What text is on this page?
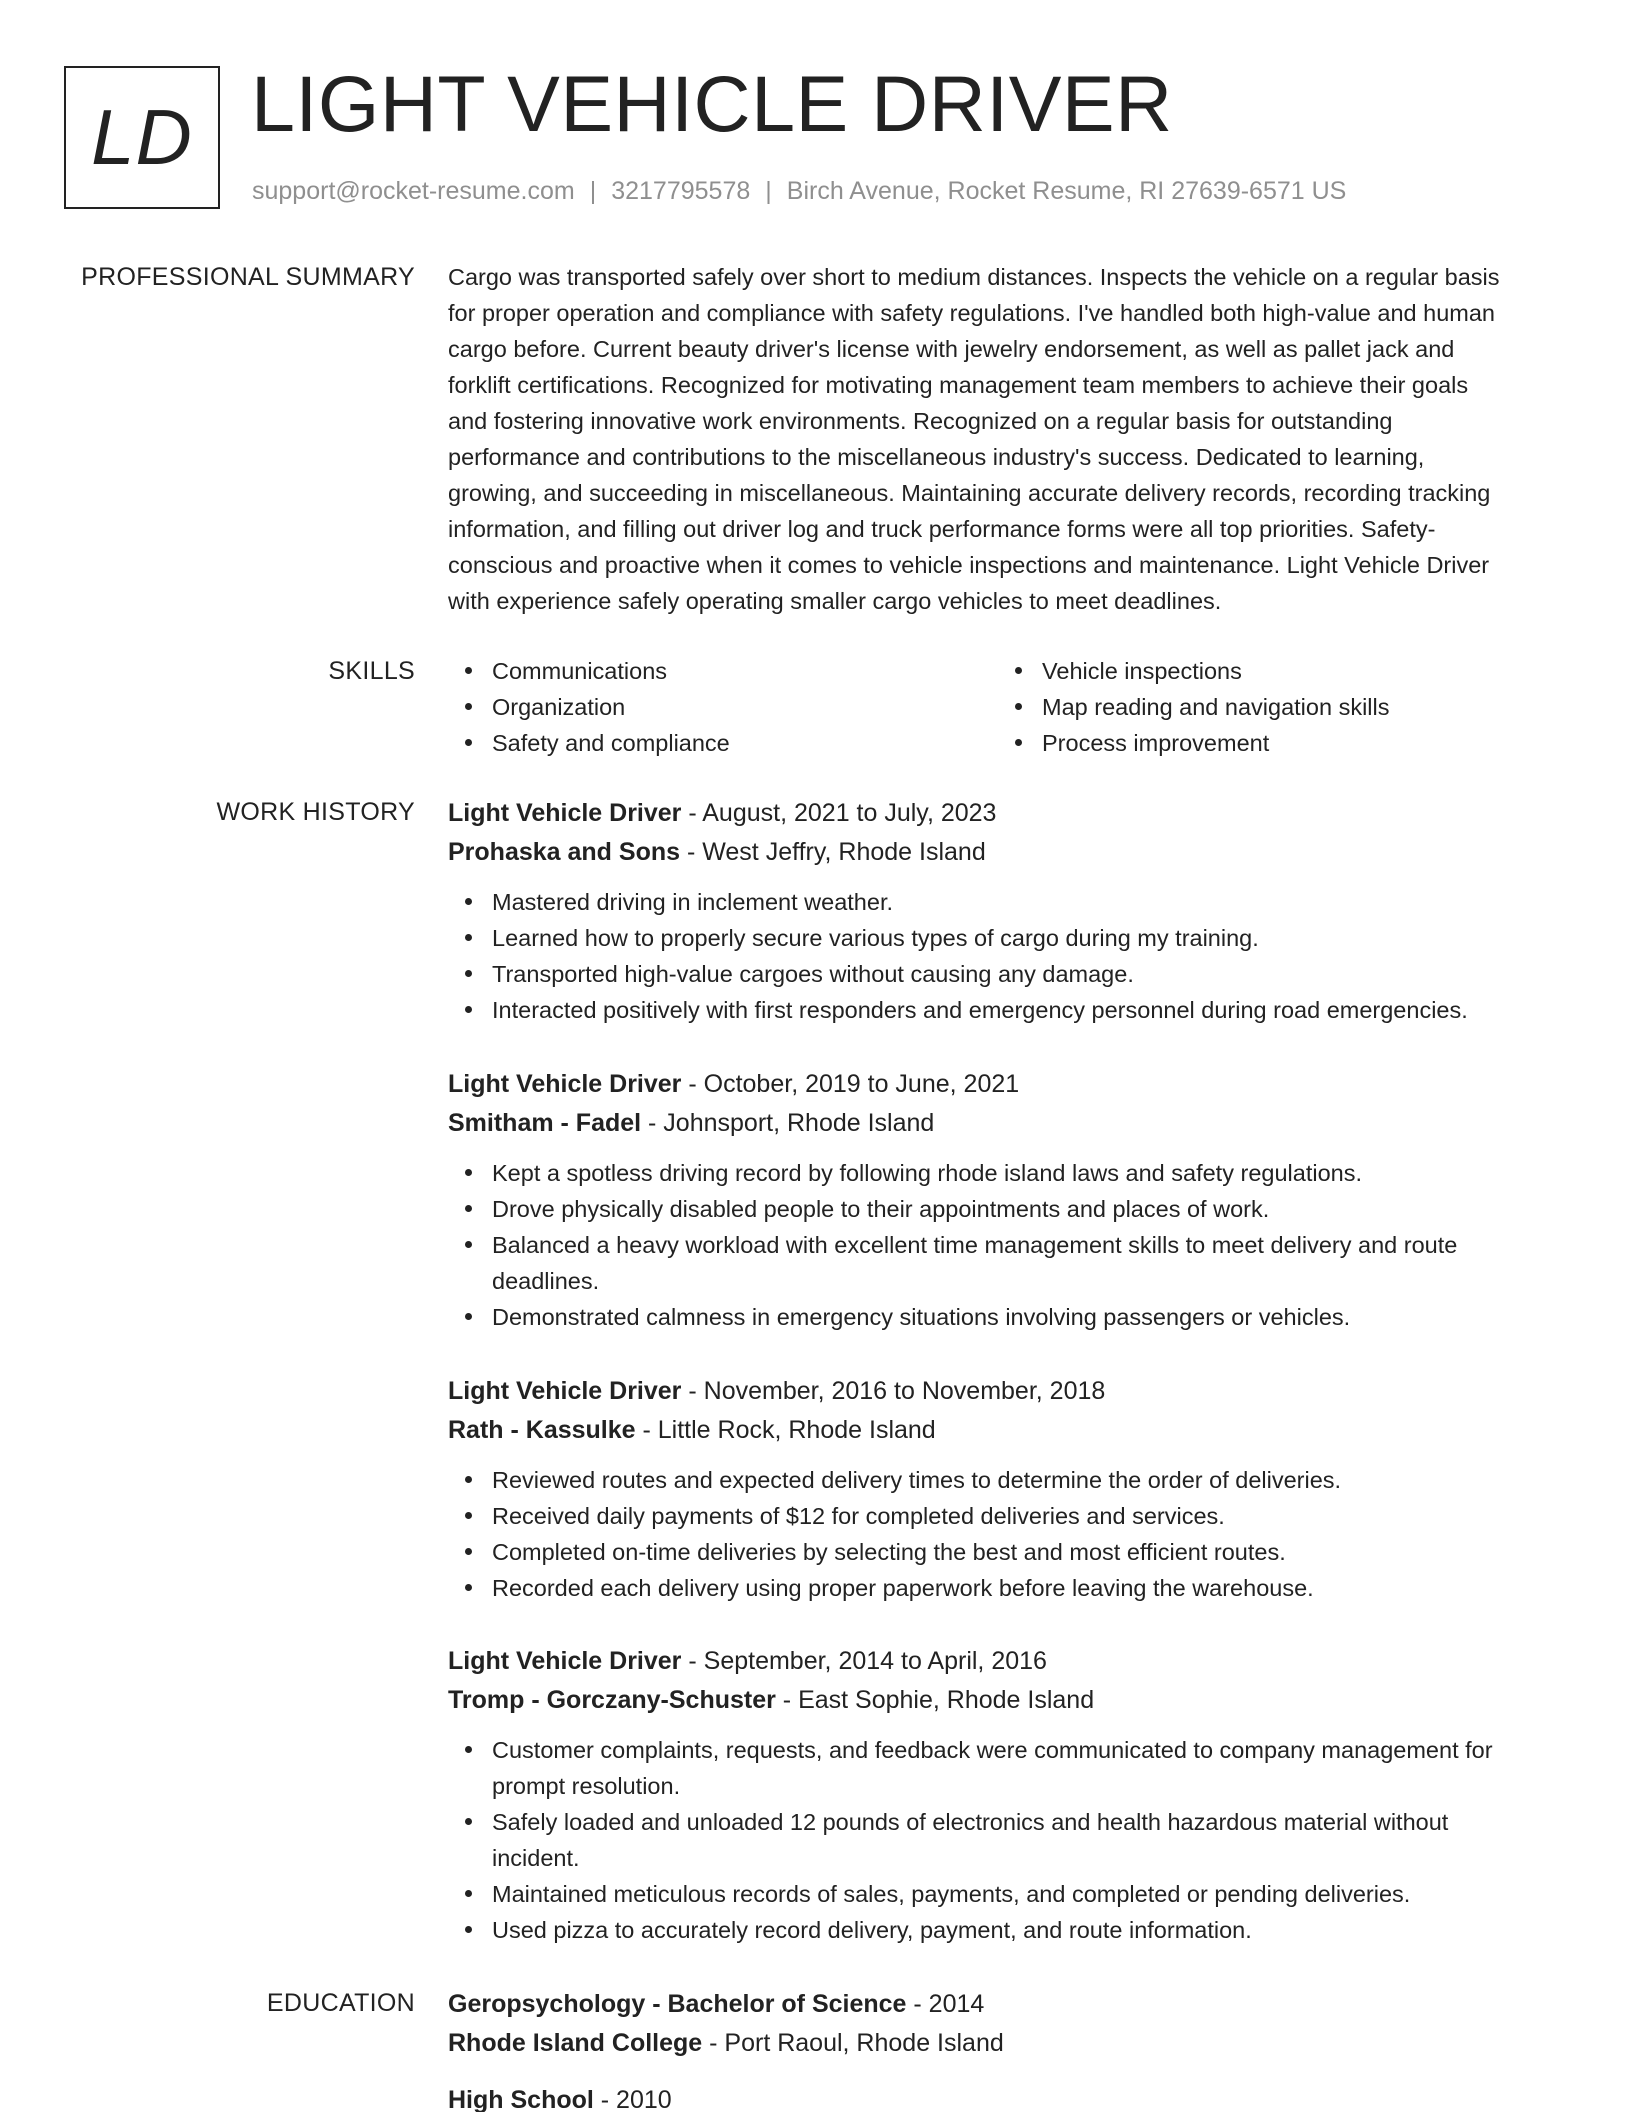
LD LIGHT VEHICLE DRIVER
support@rocket-resume.com | 3217795578 | Birch Avenue, Rocket Resume, RI 27639-6571 US
PROFESSIONAL SUMMARY Cargo was transported safely over short to medium distances. Inspects the vehicle on a regular basis
for proper operation and compliance with safety regulations. I've handled both high-value and human
cargo before. Current beauty driver's license with jewelry endorsement, as well as pallet jack and
forklift certifications. Recognized for motivating management team members to achieve their goals
and fostering innovative work environments. Recognized on a regular basis for outstanding
performance and contributions to the miscellaneous industry's success. Dedicated to learning,
growing, and succeeding in miscellaneous. Maintaining accurate delivery records, recording tracking
information, and filling out driver log and truck performance forms were all top priorities. Safety-
conscious and proactive when it comes to vehicle inspections and maintenance. Light Vehicle Driver
with experience safely operating smaller cargo vehicles to meet deadlines.
SKILLS	Communications
Organization
Safety and compliance
Vehicle inspections
Map reading and navigation skills
Process improvement
WORK HISTORY Light Vehicle Driver - August, 2021 to July, 2023
Prohaska and Sons - West Jeffry, Rhode Island
Mastered driving in inclement weather.
Learned how to properly secure various types of cargo during my training.
Transported high-value cargoes without causing any damage.
Interacted positively with first responders and emergency personnel during road emergencies.
Light Vehicle Driver - October, 2019 to June, 2021
Smitham - Fadel - Johnsport, Rhode Island
Kept a spotless driving record by following rhode island laws and safety regulations.
Drove physically disabled people to their appointments and places of work.
Balanced a heavy workload with excellent time management skills to meet delivery and route
deadlines.
Demonstrated calmness in emergency situations involving passengers or vehicles.
Light Vehicle Driver - November, 2016 to November, 2018
Rath - Kassulke - Little Rock, Rhode Island
Reviewed routes and expected delivery times to determine the order of deliveries.
Received daily payments of $12 for completed deliveries and services.
Completed on-time deliveries by selecting the best and most efficient routes.
Recorded each delivery using proper paperwork before leaving the warehouse.
Light Vehicle Driver - September, 2014 to April, 2016
Tromp - Gorczany-Schuster - East Sophie, Rhode Island
Customer complaints, requests, and feedback were communicated to company management for
prompt resolution.
Safely loaded and unloaded 12 pounds of electronics and health hazardous material without
incident.
Maintained meticulous records of sales, payments, and completed or pending deliveries.
Used pizza to accurately record delivery, payment, and route information.
EDUCATION Geropsychology - Bachelor of Science - 2014
Rhode Island College - Port Raoul, Rhode Island
High School - 2010
